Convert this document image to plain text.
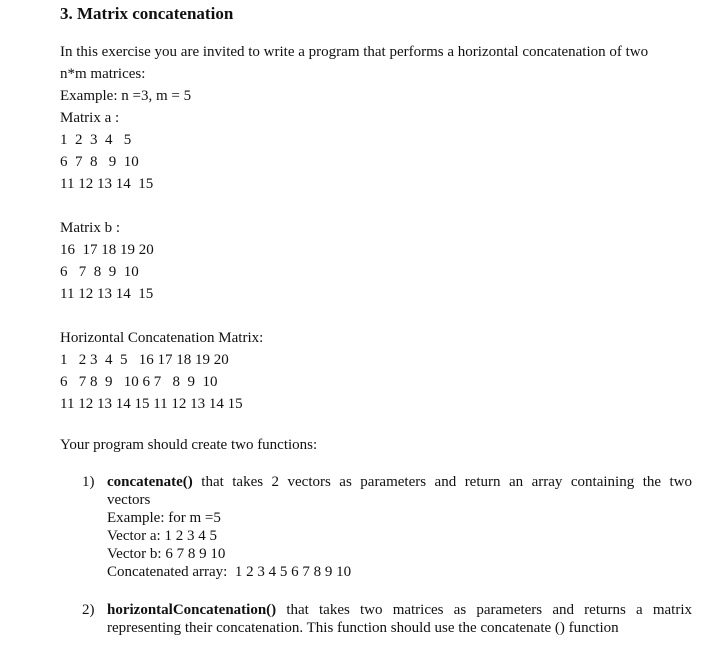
3. Matrix concatenation
In this exercise you are invited to write a program that performs a horizontal concatenation of two
n*m matrices:
Example: n =3, m = 5
Matrix a :
1  2  3  4   5
6  7  8   9  10
11 12 13 14  15
Matrix b :
16  17 18 19 20
6   7  8  9  10
11 12 13 14  15
Horizontal Concatenation Matrix:
1   2 3  4  5   16 17 18 19 20
6   7 8  9   10 6 7   8  9  10
11 12 13 14 15 11 12 13 14 15
Your program should create two functions:
1) concatenate() that takes 2 vectors as parameters and return an array containing the two
vectors
Example: for m =5
Vector a: 1 2 3 4 5
Vector b: 6 7 8 9 10
Concatenated array:  1 2 3 4 5 6 7 8 9 10
2) horizontalConcatenation() that takes two matrices as parameters and returns a matrix
representing their concatenation. This function should use the concatenate () function
